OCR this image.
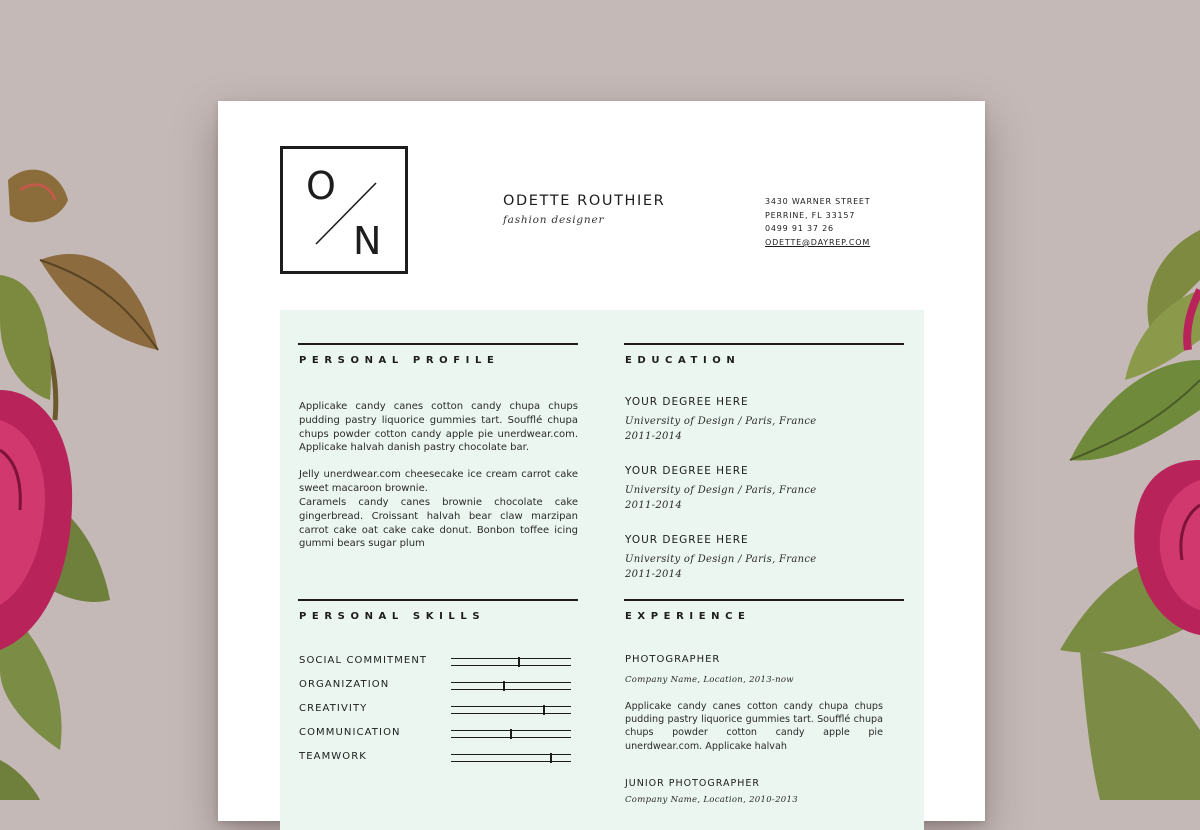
O
N
ODETTE ROUTHIER
fashion designer
3430 WARNER STREET
PERRINE, FL 33157
0499 91 37 26
ODETTE@DAYREP.COM
PERSONAL PROFILE

Applicake candy canes cotton candy chupa chups pudding pastry liquorice gummies tart. Soufflé chupa chups powder cotton candy apple pie unerdwear.com. Applicake halvah danish pastry chocolate bar.

Jelly unerdwear.com cheesecake ice cream carrot cake sweet macaroon brownie.

Caramels candy canes brownie chocolate cake gingerbread. Croissant halvah bear claw marzipan carrot cake oat cake cake donut. Bonbon toffee icing gummi bears sugar plum

EDUCATION
YOUR DEGREE HERE
University of Design / Paris, France
2011-2014
YOUR DEGREE HERE
University of Design / Paris, France
2011-2014
YOUR DEGREE HERE
University of Design / Paris, France
2011-2014
PERSONAL SKILLS
SOCIAL COMMITMENT
ORGANIZATION
CREATIVITY
COMMUNICATION
TEAMWORK
EXPERIENCE
PHOTOGRAPHER
Company Name, Location, 2013-now

Applicake candy canes cotton candy chupa chups pudding pastry liquorice gummies tart. Soufflé chupa chups powder cotton candy apple pie unerdwear.com. Applicake halvah

JUNIOR PHOTOGRAPHER
Company Name, Location, 2010-2013
